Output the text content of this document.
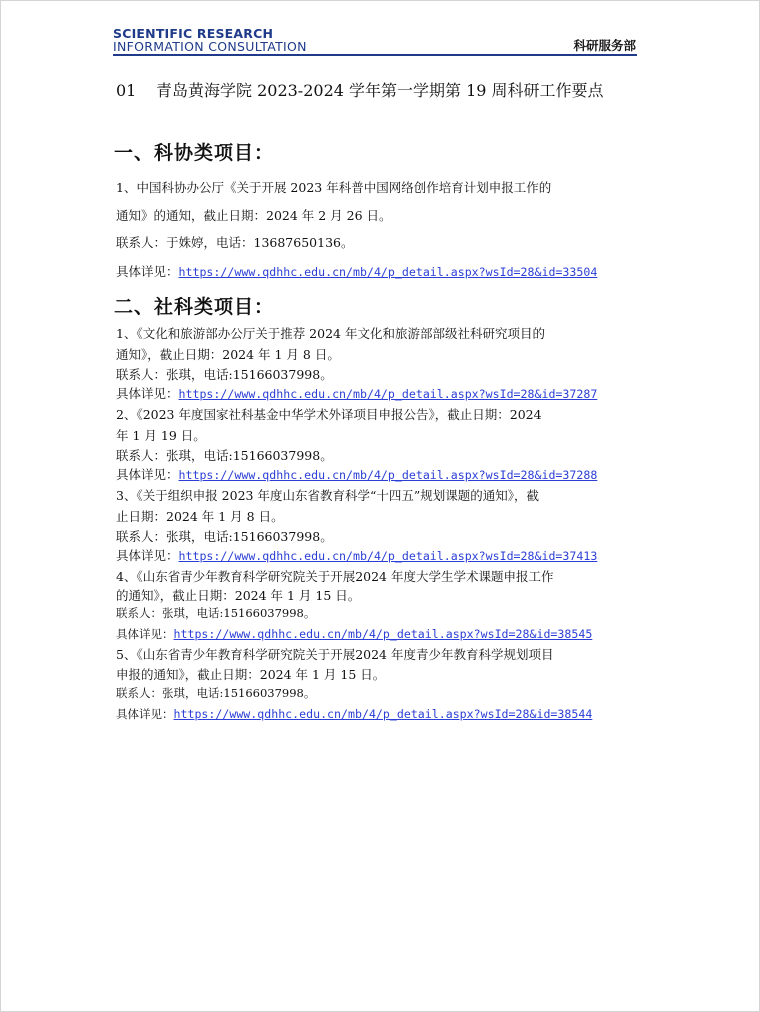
SCIENTIFIC RESEARCH
INFORMATION CONSULTATION	科研服务部
01 青岛黄海学院 2023-2024 学年第一学期第 19 周科研工作要点
一、科协类项目：
1、中国科协办公厅《关于开展 2023 年科普中国网络创作培育计划申报工作的
通知》的通知，截止日期：2024 年 2 月 26 日。
联系人：于姝婷，电话：13687650136。
具体详见：https://www.qdhhc.edu.cn/mb/4/p_detail.aspx?wsId=28&id=33504
二、社科类项目：
1、《文化和旅游部办公厅关于推荐 2024 年文化和旅游部部级社科研究项目的
通知》，截止日期：2024 年 1 月 8 日。
联系人：张琪，电话:15166037998。
具体详见：https://www.qdhhc.edu.cn/mb/4/p_detail.aspx?wsId=28&id=37287
2、《2023 年度国家社科基金中华学术外译项目申报公告》，截止日期：2024
年 1 月 19 日。
联系人：张琪，电话:15166037998。
具体详见：https://www.qdhhc.edu.cn/mb/4/p_detail.aspx?wsId=28&id=37288
3、《关于组织申报 2023 年度山东省教育科学“十四五”规划课题的通知》，截
止日期：2024 年 1 月 8 日。
联系人：张琪，电话:15166037998。
具体详见：https://www.qdhhc.edu.cn/mb/4/p_detail.aspx?wsId=28&id=37413
4、《山东省青少年教育科学研究院关于开展2024 年度大学生学术课题申报工作
的通知》，截止日期：2024 年 1 月 15 日。
联系人：张琪，电话:15166037998。
具体详见：https://www.qdhhc.edu.cn/mb/4/p_detail.aspx?wsId=28&id=38545
5、《山东省青少年教育科学研究院关于开展2024 年度青少年教育科学规划项目
申报的通知》，截止日期：2024 年 1 月 15 日。
联系人：张琪，电话:15166037998。
具体详见：https://www.qdhhc.edu.cn/mb/4/p_detail.aspx?wsId=28&id=38544
